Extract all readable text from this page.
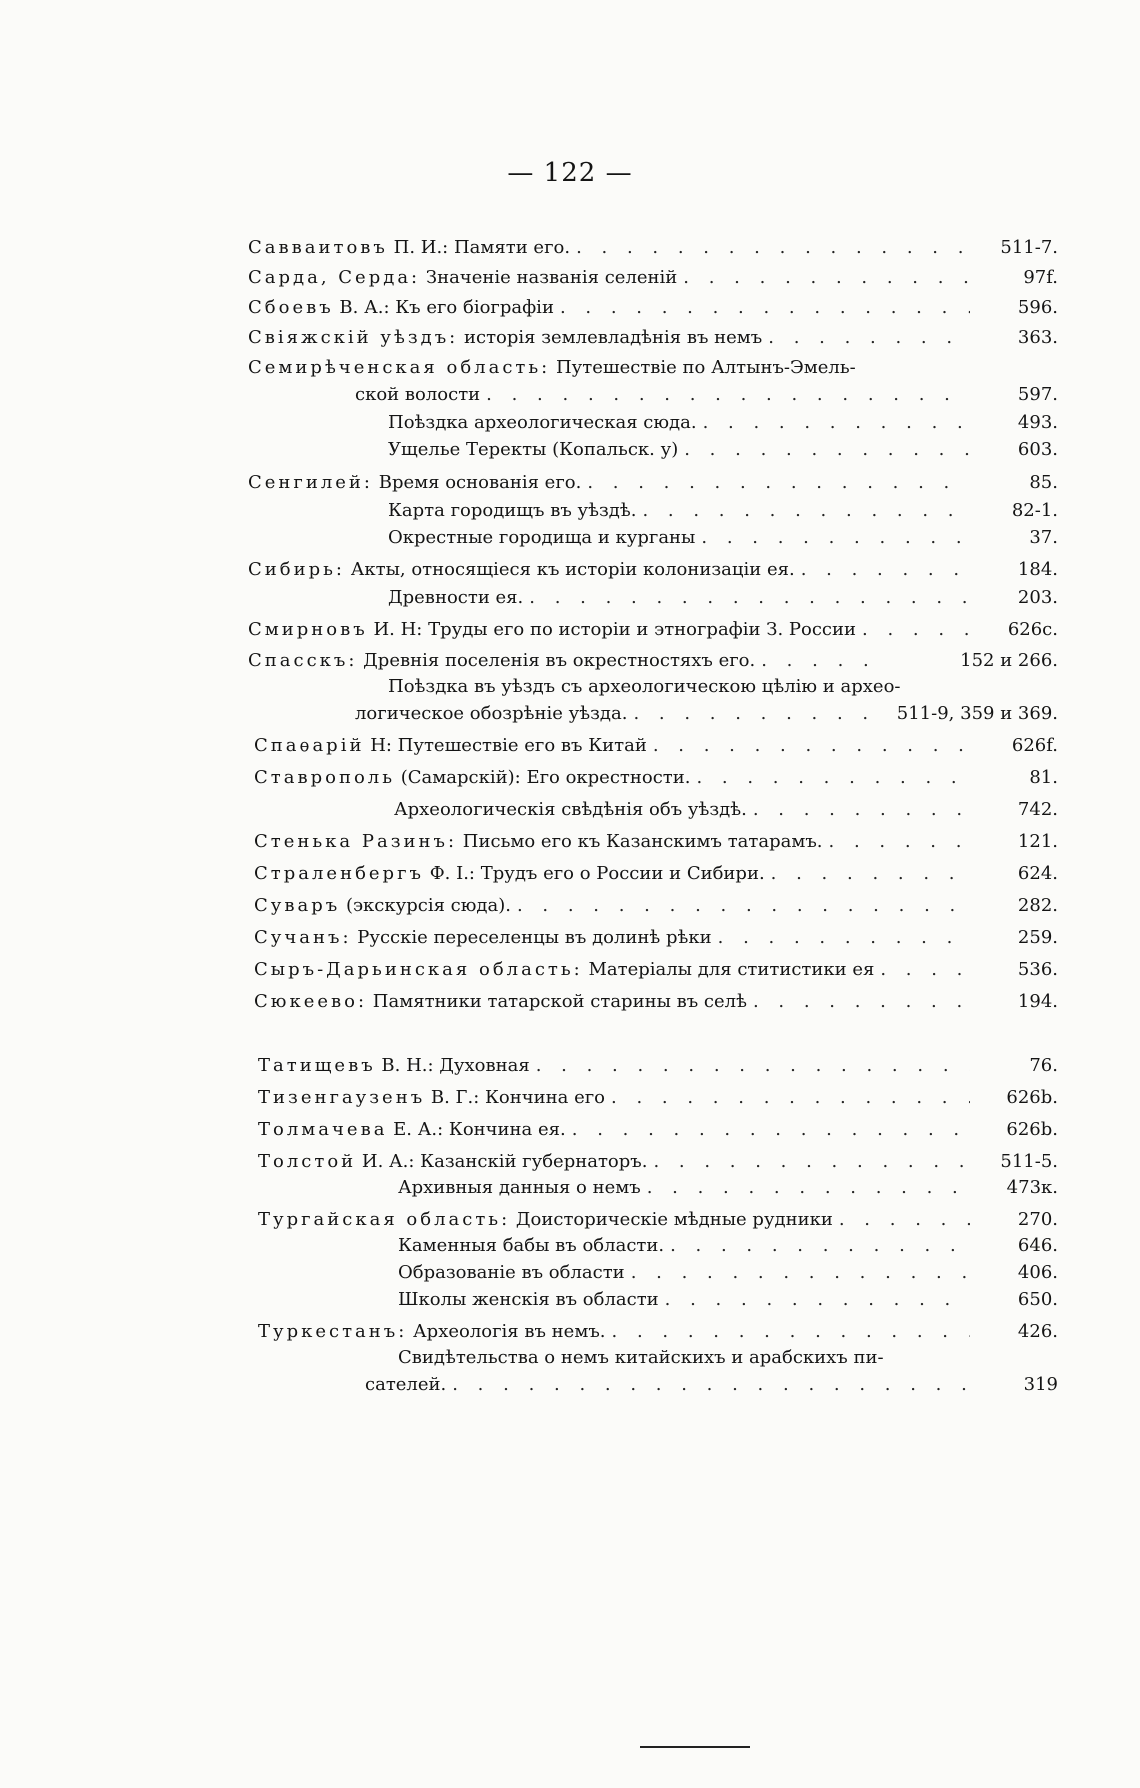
— 122 —
Савваитовъ П. И.: Памяти его. . . .	511-7.
Сарда, Серда: Значеніе названія селеній . . .	97f.
Сбоевъ В. А.: Къ его біографіи . . .	596.
Свіяжскій уѣздъ: исторія землевладѣнія въ немъ . . .	363.
Семирѣченская область: Путешествіе по Алтынъ-Эмель-
ской волости . . .	597.
Поѣздка археологическая сюда. . . .	493.
Ущелье Теректы (Копальск. у) . . .	603.
Сенгилей: Время основанія его. . . .	85.
Карта городищъ въ уѣздѣ. . . .	82-1.
Окрестные городища и курганы . . .	37.
Сибирь: Акты, относящіеся къ исторіи колонизаціи ея. . . .	184.
Древности ея. . . .	203.
Смирновъ И. Н: Труды его по исторіи и этнографіи З. России . . .	626c.
Спасскъ: Древнія поселенія въ окрестностяхъ его. . . .	152 и 266.
Поѣздка въ уѣздъ съ археологическою цѣлію и архео-
логическое обозрѣніе уѣзда. . . .	511-9, 359 и 369.
Спаѳарій Н: Путешествіе его въ Китай . . .	626f.
Ставрополь (Самарскій): Его окрестности. . . .	81.
Археологическія свѣдѣнія объ уѣздѣ. . . .	742.
Стенька Разинъ: Письмо его къ Казанскимъ татарамъ. . . .	121.
Страленбергъ Ф. І.: Трудъ его о России и Сибири. . . .	624.
Суваръ (экскурсія сюда). . . .	282.
Сучанъ: Русскіе переселенцы въ долинѣ рѣки . . .	259.
Сыръ-Дарьинская область: Матеріалы для ститистики ея . . .	536.
Сюкеево: Памятники татарской старины въ селѣ . . .	194.
Татищевъ В. Н.: Духовная . . .	76.
Тизенгаузенъ В. Г.: Кончина его . . .	626b.
Толмачева Е. А.: Кончина ея. . . .	626b.
Толстой И. А.: Казанскій губернаторъ. . . .	511-5.
Архивныя данныя о немъ . . .	473к.
Тургайская область: Доисторическіе мѣдные рудники . . .	270.
Каменныя бабы въ области. . . .	646.
Образованіе въ области . . .	406.
Школы женскія въ области . . .	650.
Туркестанъ: Археологія въ немъ. . . .	426.
Свидѣтельства о немъ китайскихъ и арабскихъ пи-
сателей. . . .	319
